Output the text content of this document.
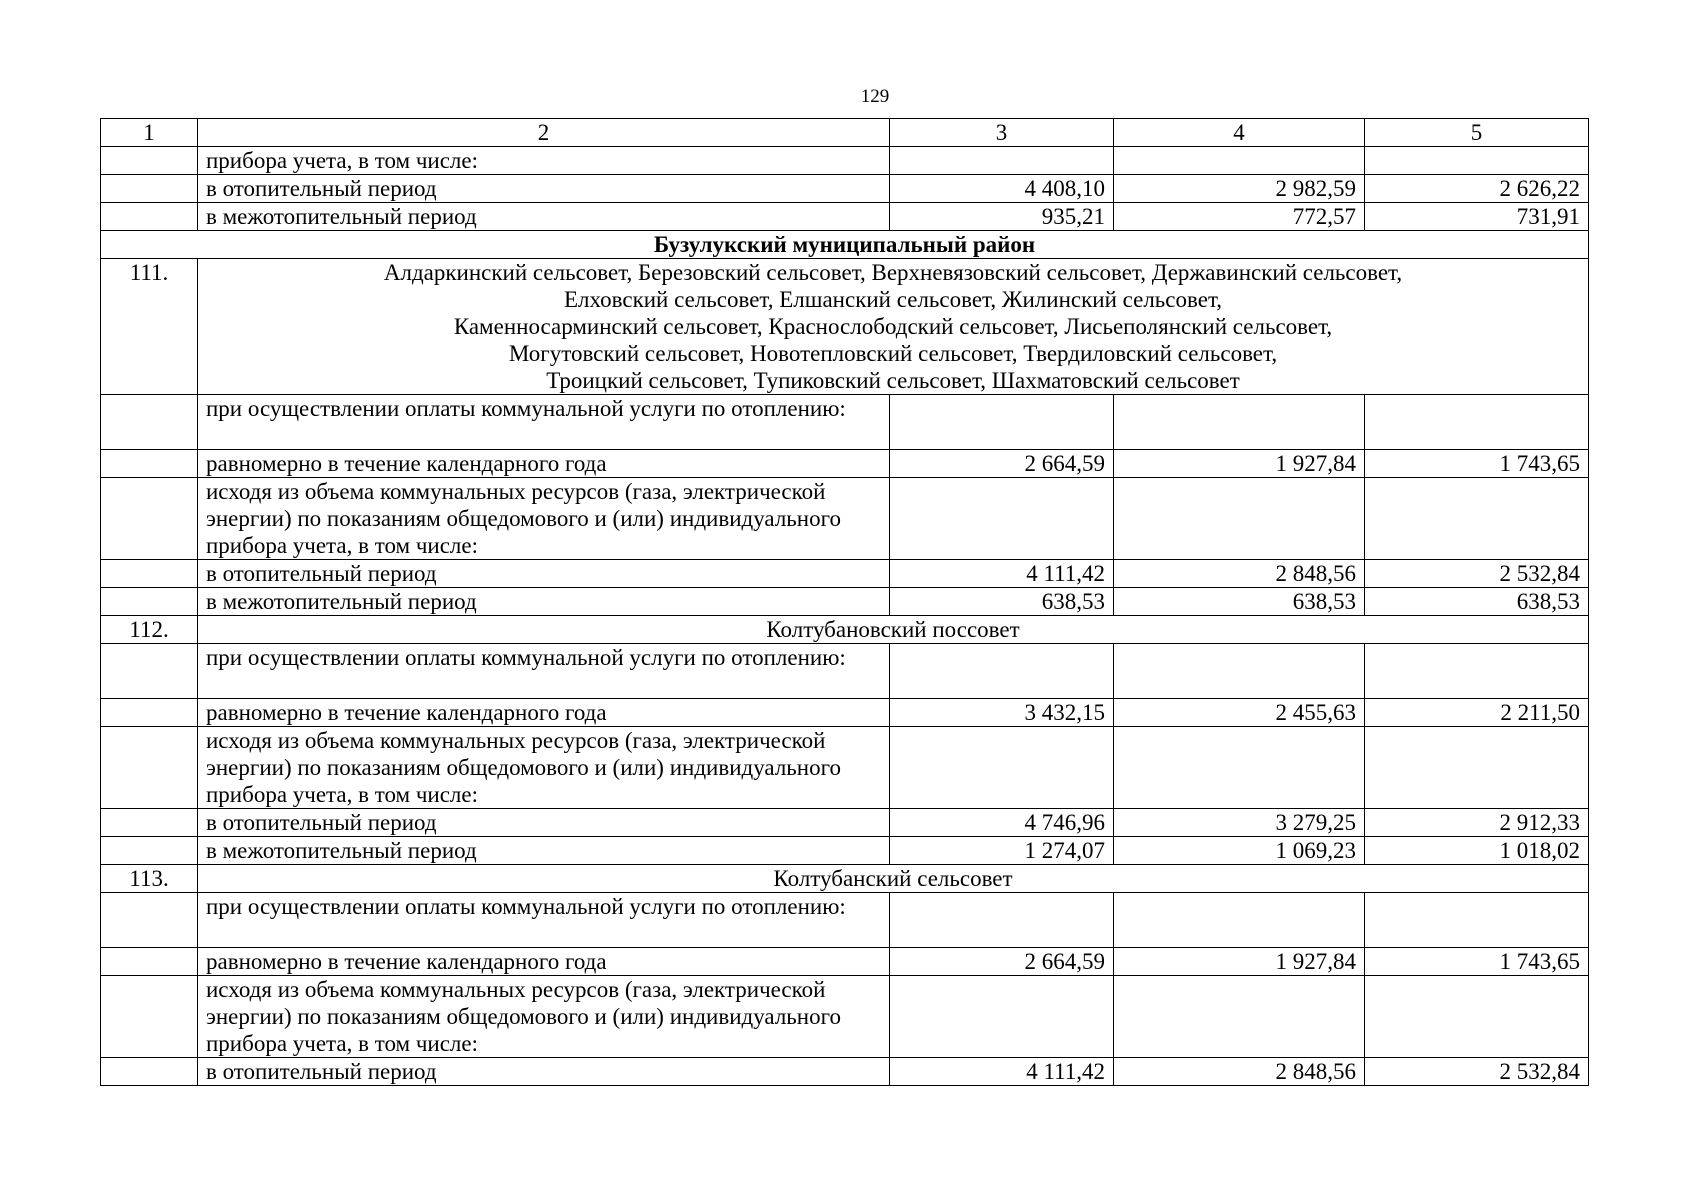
129
1	2	3	4	5
	прибора учета, в том числе:			
	в отопительный период	4 408,10	2 982,59	2 626,22
	в межотопительный период	935,21	772,57	731,91
Бузулукский муниципальный район				
111.	Алдаркинский сельсовет, Березовский сельсовет, Верхневязовский сельсовет, Державинский сельсовет,
Елховский сельсовет, Елшанский сельсовет, Жилинский сельсовет,
Каменносарминский сельсовет, Краснослободский сельсовет, Лисьеполянский сельсовет,
Могутовский сельсовет, Новотепловский сельсовет, Твердиловский сельсовет,
Троицкий сельсовет, Тупиковский сельсовет, Шахматовский сельсовет			

	при осуществлении оплаты коммунальной услуги по отоплению:			
	равномерно в течение календарного года	2 664,59	1 927,84	1 743,65
	исходя из объема коммунальных ресурсов (газа, электрической энергии) по показаниям общедомового и (или) индивидуального прибора учета, в том числе:			
	в отопительный период	4 111,42	2 848,56	2 532,84
	в межотопительный период	638,53	638,53	638,53
112.	Колтубановский поссовет			
	при осуществлении оплаты коммунальной услуги по отоплению:			
	равномерно в течение календарного года	3 432,15	2 455,63	2 211,50
	исходя из объема коммунальных ресурсов (газа, электрической энергии) по показаниям общедомового и (или) индивидуального прибора учета, в том числе:			
	в отопительный период	4 746,96	3 279,25	2 912,33
	в межотопительный период	1 274,07	1 069,23	1 018,02
113.	Колтубанский сельсовет			
	при осуществлении оплаты коммунальной услуги по отоплению:			
	равномерно в течение календарного года	2 664,59	1 927,84	1 743,65
	исходя из объема коммунальных ресурсов (газа, электрической энергии) по показаниям общедомового и (или) индивидуального прибора учета, в том числе:			
	в отопительный период	4 111,42	2 848,56	2 532,84
